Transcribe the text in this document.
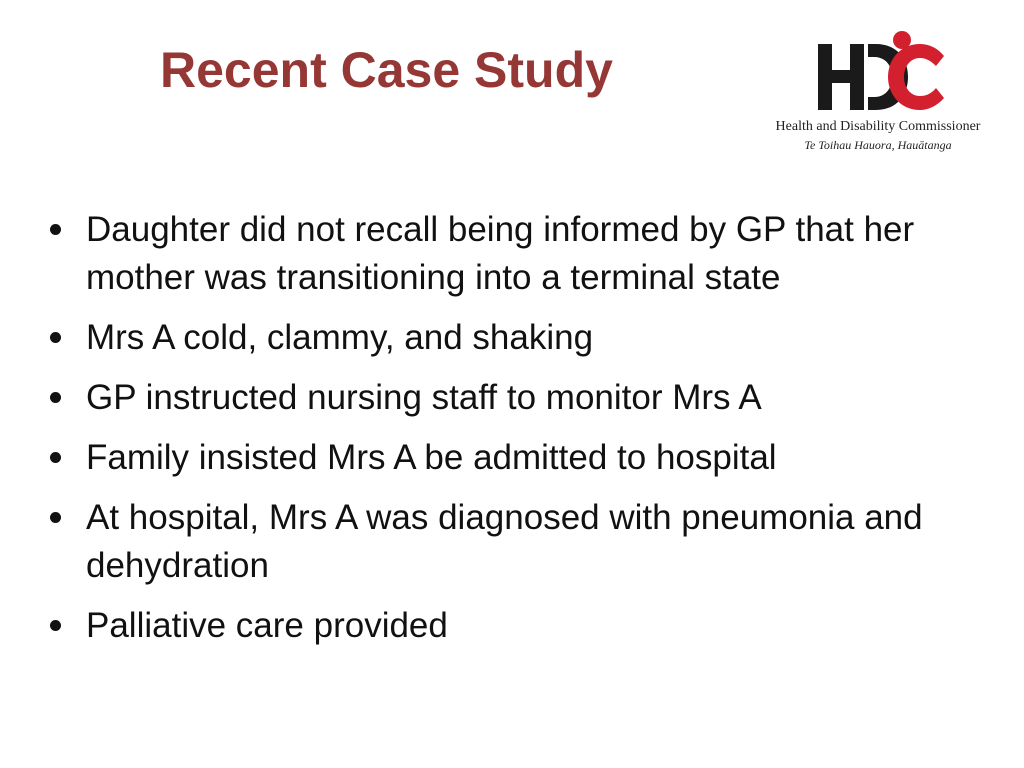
Recent Case Study
Health and Disability Commissioner
Te Toihau Hauora, Hauātanga
Daughter did not recall being informed by GP that her mother was transitioning into a terminal state
Mrs A cold, clammy, and shaking
GP instructed nursing staff to monitor Mrs A
Family insisted Mrs A be admitted to hospital
At hospital, Mrs A was diagnosed with pneumonia and dehydration
Palliative care provided
